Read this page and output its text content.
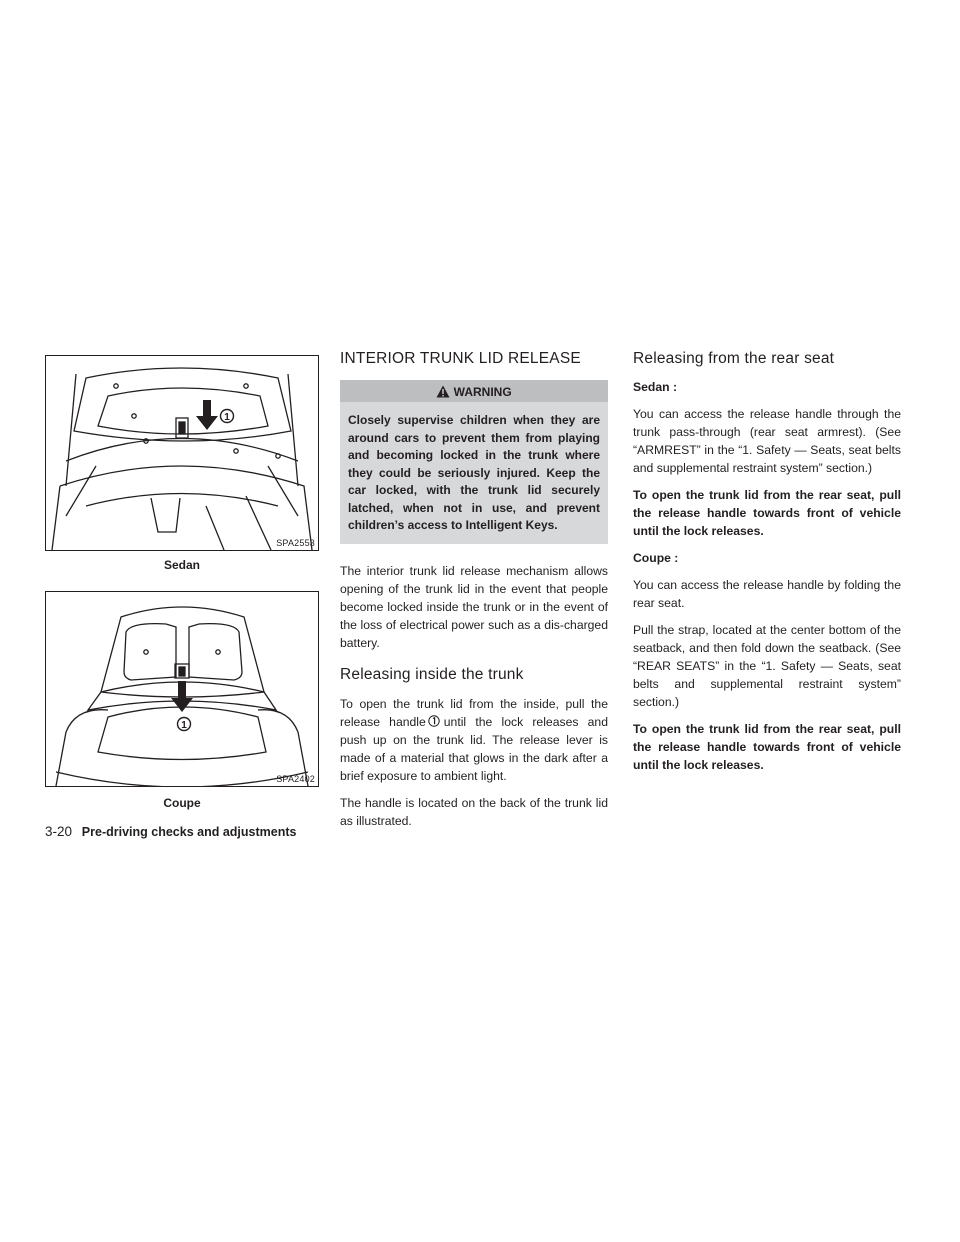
1
SPA2553
Sedan
1
SPA2402
Coupe
INTERIOR TRUNK LID RELEASE
WARNING
Closely supervise children when they are around cars to prevent them from playing and becoming locked in the trunk where they could be seriously injured. Keep the car locked, with the trunk lid securely latched, when not in use, and prevent children’s access to Intelligent Keys.

The interior trunk lid release mechanism allows opening of the trunk lid in the event that people become locked inside the trunk or in the event of the loss of electrical power such as a dis-charged battery.

Releasing inside the trunk

To open the trunk lid from the inside, pull the release handle until the lock releases and push up on the trunk lid. The release lever is made of a material that glows in the dark after a brief exposure to ambient light.

The handle is located on the back of the trunk lid as illustrated.

Releasing from the rear seat

Sedan :

You can access the release handle through the trunk pass-through (rear seat armrest). (See “ARMREST” in the “1. Safety — Seats, seat belts and supplemental restraint system” section.)

To open the trunk lid from the rear seat, pull the release handle towards front of vehicle until the lock releases.

Coupe :

You can access the release handle by folding the rear seat.

Pull the strap, located at the center bottom of the seatback, and then fold down the seatback. (See “REAR SEATS” in the “1. Safety — Seats, seat belts and supplemental restraint system” section.)

To open the trunk lid from the rear seat, pull the release handle towards front of vehicle until the lock releases.

3-20 Pre-driving checks and adjustments
